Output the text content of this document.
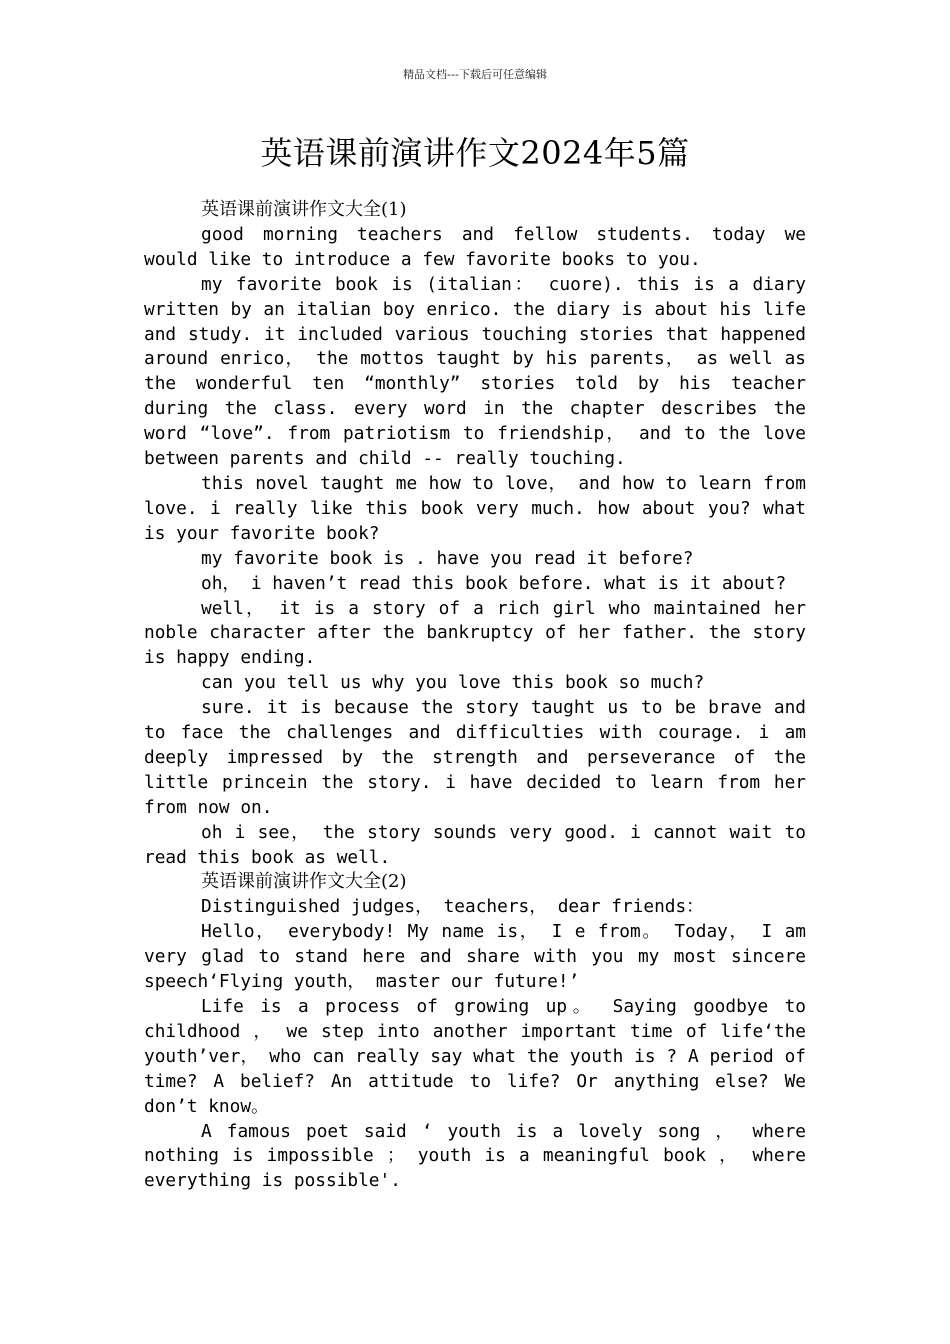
精品文档---下载后可任意编辑
英语课前演讲作文2024年5篇

英语课前演讲作文大全(1)

good morning teachers and fellow students. today we would like to introduce a few favorite books to you.

my favorite book is (italian： cuore). this is a diary written by an italian boy enrico. the diary is about his life and study. it included various touching stories that happened around enrico， the mottos taught by his parents， as well as the wonderful ten “monthly” stories told by his teacher during the class. every word in the chapter describes the word “love”. from patriotism to friendship， and to the love between parents and child -- really touching.

this novel taught me how to love， and how to learn from love. i really like this book very much. how about you? what is your favorite book?

my favorite book is . have you read it before?

oh， i haven’t read this book before. what is it about?

well， it is a story of a rich girl who maintained her noble character after the bankruptcy of her father. the story is happy ending.

can you tell us why you love this book so much?

sure. it is because the story taught us to be brave and to face the challenges and difficulties with courage. i am deeply impressed by the strength and perseverance of the little princein the story. i have decided to learn from her from now on.

oh i see， the story sounds very good. i cannot wait to read this book as well.

英语课前演讲作文大全(2)

Distinguished judges， teachers， dear friends：

Hello， everybody! My name is， I e from。 Today， I am very glad to stand here and share with you my most sincere speech‘Flying youth， master our future!’

Life is a process of growing up。 Saying goodbye to childhood ， we step into another important time of life‘the youth’ver， who can really say what the youth is ? A period of time? A belief? An attitude to life? Or anything else? We don’t know。

A famous poet said ‘ youth is a lovely song ， where nothing is impossible ； youth is a meaningful book ， where everything is possible'.
